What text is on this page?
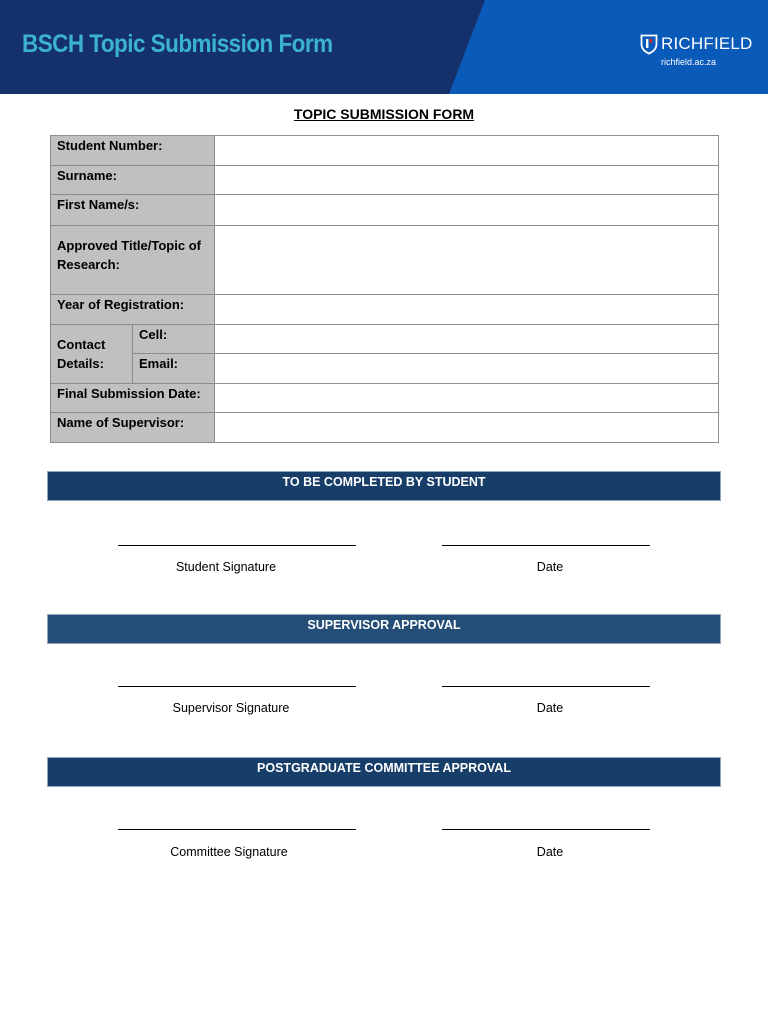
BSCH Topic Submission Form	RICHFIELD
richfield.ac.za
TOPIC SUBMISSION FORM
Student Number:		
Surname:		
First Name/s:		
Approved Title/Topic of Research:		
Year of Registration:		
Contact Details:	Cell:	
	Email:	
Final Submission Date:		
Name of Supervisor:		
TO BE COMPLETED BY STUDENT
Student Signature	Date
SUPERVISOR APPROVAL
Supervisor Signature	Date
POSTGRADUATE COMMITTEE APPROVAL
Committee Signature	Date
